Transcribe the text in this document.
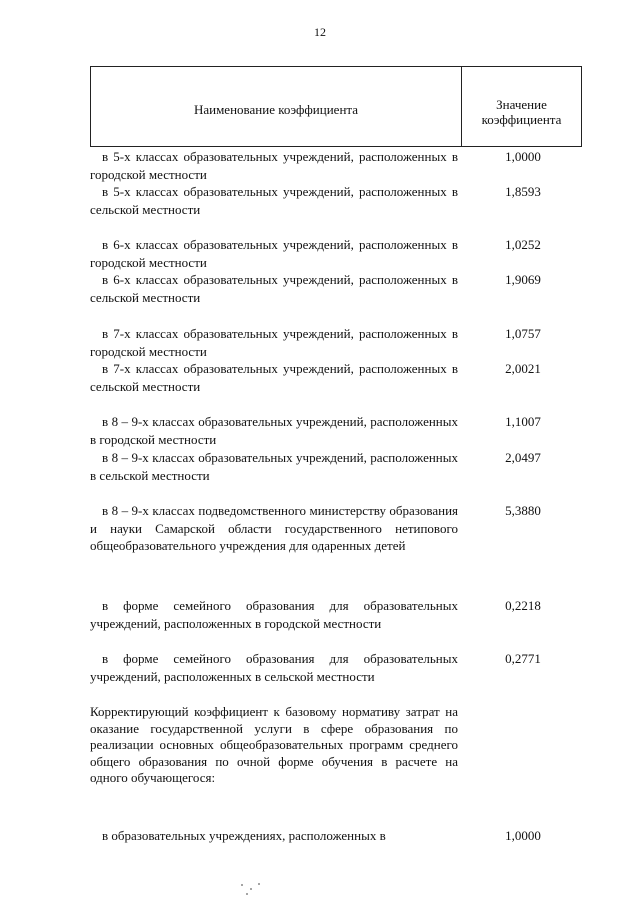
12
Наименование коэффициента	Значение
коэффициента
в 5-х классах образовательных учреждений, расположенных в городской местности
1,0000
в 5-х классах образовательных учреждений, расположенных в сельской местности
1,8593
в 6-х классах образовательных учреждений, расположенных в городской местности
1,0252
в 6-х классах образовательных учреждений, расположенных в сельской местности
1,9069
в 7-х классах образовательных учреждений, расположенных в городской местности
1,0757
в 7-х классах образовательных учреждений, расположенных в сельской местности
2,0021
в 8 – 9-х классах образовательных учреждений, расположенных в городской местности
1,1007
в 8 – 9-х классах образовательных учреждений, расположенных в сельской местности
2,0497
в 8 – 9-х классах подведомственного министерству образования и науки Самарской области государственного нетипового общеобразовательного учреждения для одаренных детей
5,3880
в форме семейного образования для образовательных учреждений, расположенных в городской местности
0,2218
в форме семейного образования для образовательных учреждений, расположенных в сельской местности
0,2771
Корректирующий коэффициент к базовому нормативу затрат на оказание государственной услуги в сфере образования по реализации основных общеобразовательных программ среднего общего образования по очной форме обучения в расчете на одного обучающегося:
в образовательных учреждениях, расположенных в	1,0000
